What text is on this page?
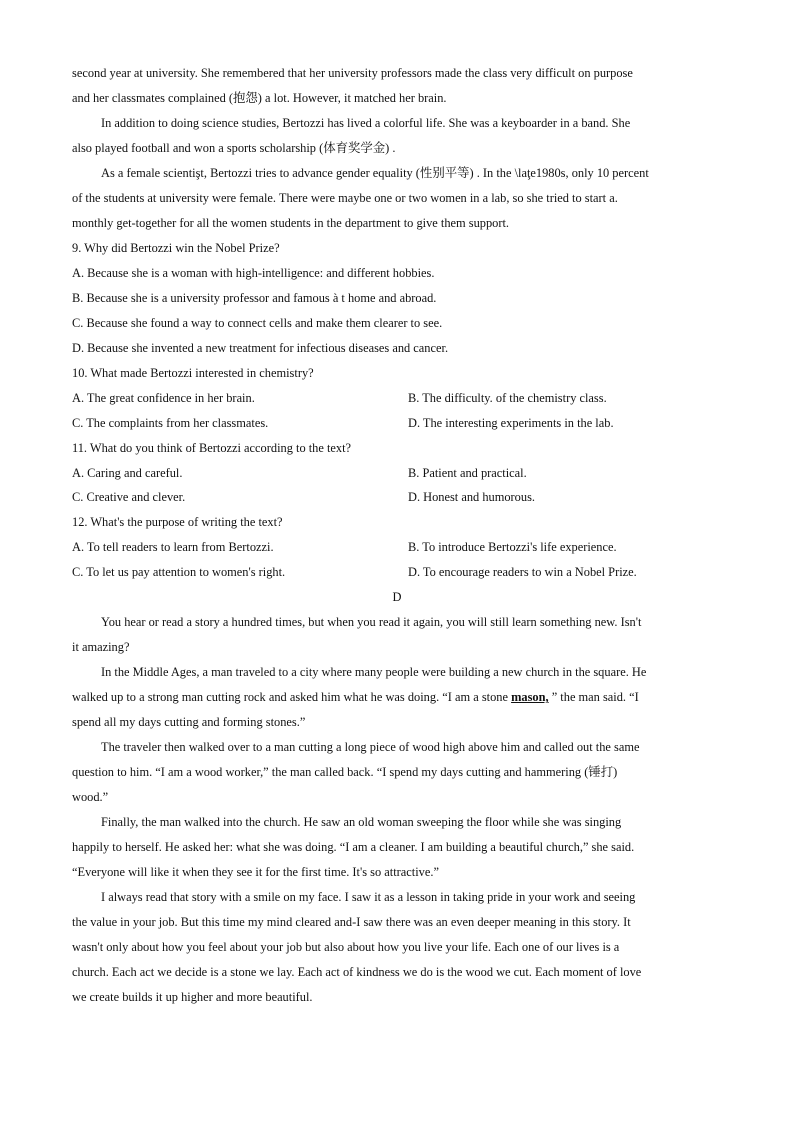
second year at university. She remembered that her university professors made the class very difficult on purpose
and her classmates complained (抱怨) a lot. However, it matched her brain.
In addition to doing science studies, Bertozzi has lived a colorful life. She was a keyboarder in a band. She
also played football and won a sports scholarship (体育奖学金) .
As a female scientişt, Bertozzi tries to advance gender equality (性别平等) . In the \laţe1980s, only 10 percent
of the students at university were female. There were maybe one or two women in a lab, so she tried to start a.
monthly get-together for all the women students in the department to give them support.
9. Why did Bertozzi win the Nobel Prize?
A. Because she is a woman with high-intelligence: and different hobbies.
B. Because she is a university professor and famous à t home and abroad.
C. Because she found a way to connect cells and make them clearer to see.
D. Because she invented a new treatment for infectious diseases and cancer.
10. What made Bertozzi interested in chemistry?
A. The great confidence in her brain.	B. The difficulty. of the chemistry class.
C. The complaints from her classmates.	D. The interesting experiments in the lab.
11. What do you think of Bertozzi according to the text?
A. Caring and careful.	B. Patient and practical.
C. Creative and clever.	D. Honest and humorous.
12. What's the purpose of writing the text?
A. To tell readers to learn from Bertozzi.	B. To introduce Bertozzi's life experience.
C. To let us pay attention to women's right.	D. To encourage readers to win a Nobel Prize.
D
You hear or read a story a hundred times, but when you read it again, you will still learn something new. Isn't
it amazing?
In the Middle Ages, a man traveled to a city where many people were building a new church in the square. He
walked up to a strong man cutting rock and asked him what he was doing. “I am a stone mason, ” the man said. “I
spend all my days cutting and forming stones.”
The traveler then walked over to a man cutting a long piece of wood high above him and called out the same
question to him. “I am a wood worker,” the man called back. “I spend my days cutting and hammering (锤打)
wood.”
Finally, the man walked into the church. He saw an old woman sweeping the floor while she was singing
happily to herself. He asked her: what she was doing. “I am a cleaner. I am building a beautiful church,” she said.
“Everyone will like it when they see it for the first time. It's so attractive.”
I always read that story with a smile on my face. I saw it as a lesson in taking pride in your work and seeing
the value in your job. But this time my mind cleared and-I saw there was an even deeper meaning in this story. It
wasn't only about how you feel about your job but also about how you live your life. Each one of our lives is a
church. Each act we decide is a stone we lay. Each act of kindness we do is the wood we cut. Each moment of love
we create builds it up higher and more beautiful.
